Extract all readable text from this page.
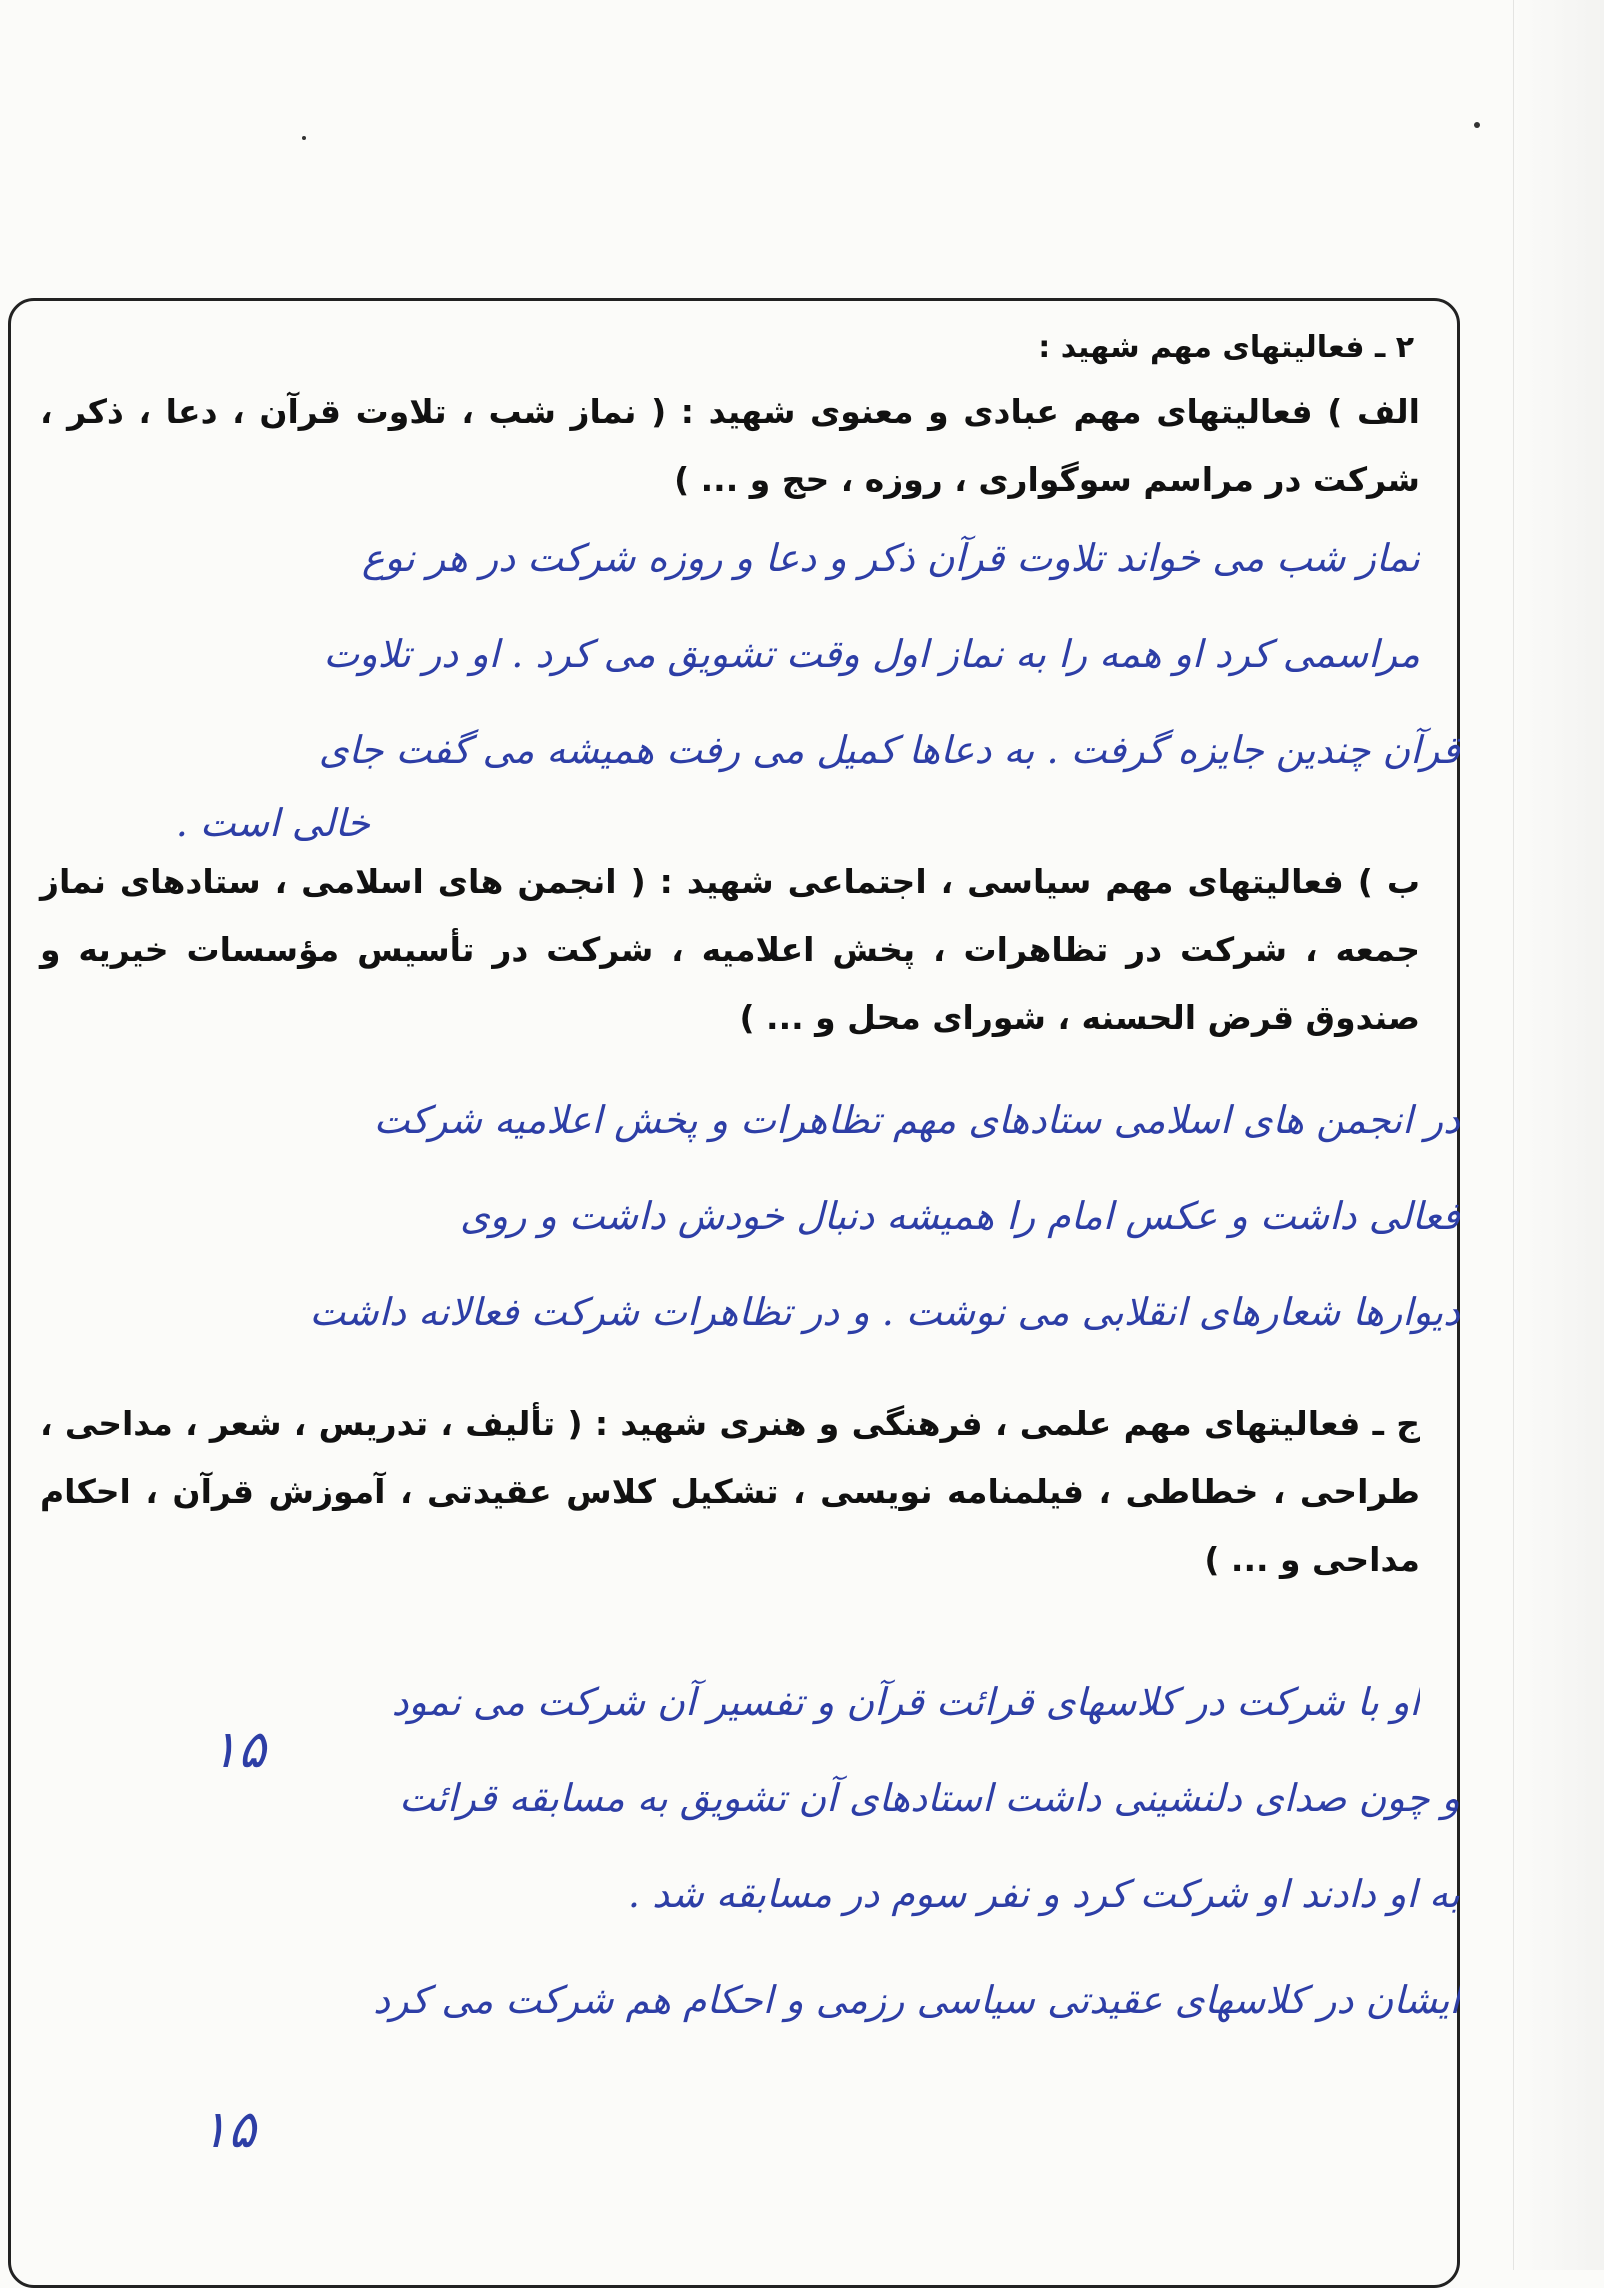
۲ ـ فعالیتهای مهم شهید :

الف ) فعالیتهای مهم عبادی و معنوی شهید : ( نماز شب ، تلاوت قرآن ، دعا ، ذکر ، شرکت در مراسم سوگواری ، روزه ، حج و ... )

نماز شب می خواند تلاوت قرآن ذکر و دعا و روزه شرکت در هر نوع

مراسمی کرد او همه را به نماز اول وقت تشویق می کرد . او در تلاوت

قرآن چندین جایزه گرفت . به دعاها کمیل می رفت همیشه می گفت جای

خالی است .

ب ) فعالیتهای مهم سیاسی ، اجتماعی شهید : ( انجمن های اسلامی ، ستادهای نماز جمعه ، شرکت در تظاهرات ، پخش اعلامیه ، شرکت در تأسیس مؤسسات خیریه و صندوق قرض الحسنه ، شورای محل و ... )

در انجمن های اسلامی ستادهای مهم تظاهرات و پخش اعلامیه شرکت

فعالی داشت و عکس امام را همیشه دنبال خودش داشت و روی

دیوارها شعارهای انقلابی می نوشت . و در تظاهرات شرکت فعالانه داشت

ج ـ فعالیتهای مهم علمی ، فرهنگی و هنری شهید : ( تألیف ، تدریس ، شعر ، مداحی ، طراحی ، خطاطی ، فیلمنامه نویسی ، تشکیل کلاس عقیدتی ، آموزش قرآن ، احکام مداحی و ... )

او با شرکت در کلاسهای قرائت قرآن و تفسیر آن شرکت می نمود

و چون صدای دلنشینی داشت استادهای آن تشویق به مسابقه قرائت

به او دادند او شرکت کرد و نفر سوم در مسابقه شد .

ایشان در کلاسهای عقیدتی سیاسی رزمی و احکام هم شرکت می کرد

۱۵
۱۵
